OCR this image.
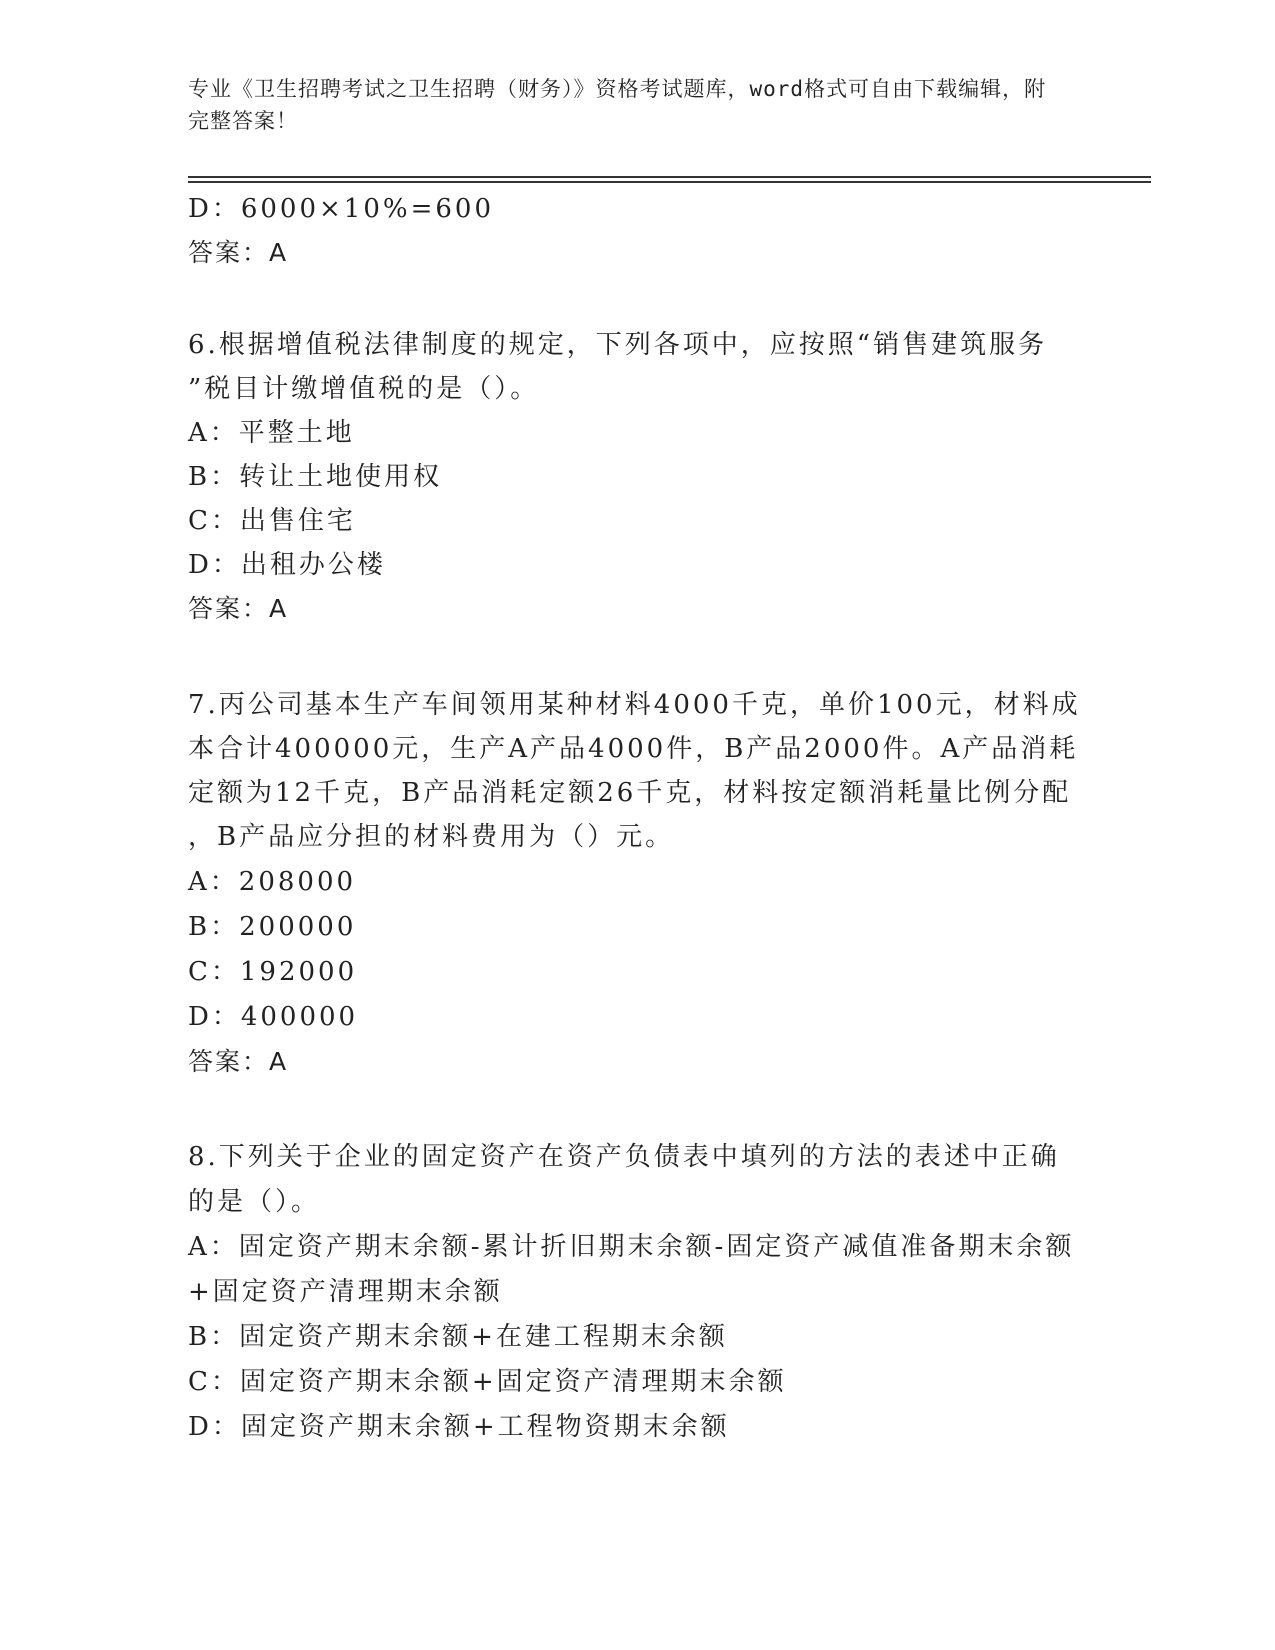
专业《卫生招聘考试之卫生招聘（财务）》资格考试题库，word格式可自由下载编辑，附完整答案！
D：6000×10%=600
答案：A
6.根据增值税法律制度的规定，下列各项中，应按照“销售建筑服务
”税目计缴增值税的是（）。
A：平整土地
B：转让土地使用权
C：出售住宅
D：出租办公楼
答案：A
7.丙公司基本生产车间领用某种材料4000千克，单价100元，材料成
本合计400000元，生产A产品4000件，B产品2000件。A产品消耗
定额为12千克，B产品消耗定额26千克，材料按定额消耗量比例分配
，B产品应分担的材料费用为（）元。
A：208000
B：200000
C：192000
D：400000
答案：A
8.下列关于企业的固定资产在资产负债表中填列的方法的表述中正确
的是（）。
A：固定资产期末余额-累计折旧期末余额-固定资产减值准备期末余额
+固定资产清理期末余额
B：固定资产期末余额+在建工程期末余额
C：固定资产期末余额+固定资产清理期末余额
D：固定资产期末余额+工程物资期末余额
